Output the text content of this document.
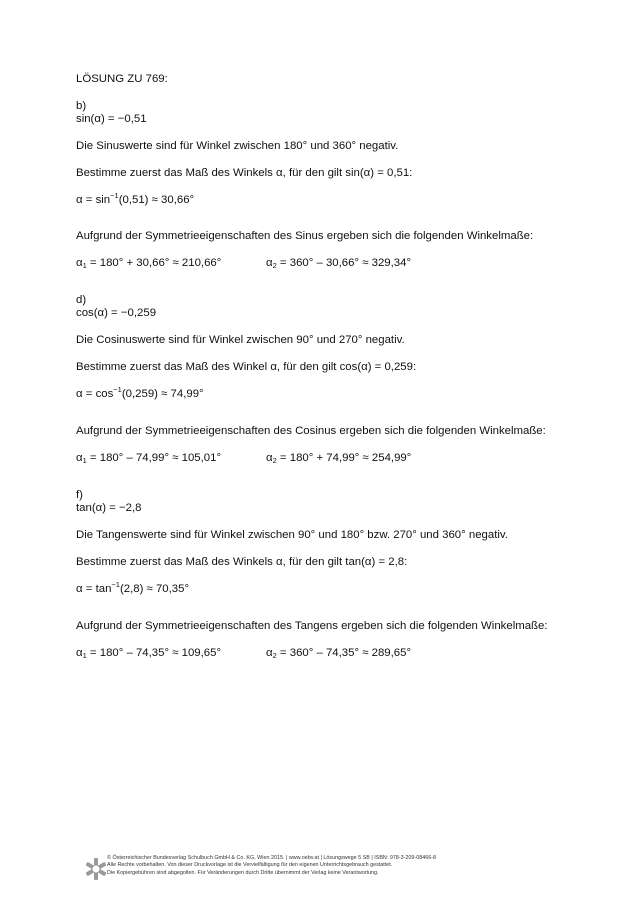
LÖSUNG ZU 769:
b)
sin(α) = −0,51
Die Sinuswerte sind für Winkel zwischen 180° und 360° negativ.
Bestimme zuerst das Maß des Winkels α, für den gilt sin(α) = 0,51:
$\alpha = \sin^{-1}(0,51) \approx 30,66^\circ$
Aufgrund der Symmetrieeigenschaften des Sinus ergeben sich die folgenden Winkelmaße:
$\alpha_1 = 180^\circ + 30,66^\circ \approx 210,66^\circ$	$\alpha_2 = 360^\circ - 30,66^\circ \approx 329,34^\circ$
d)
cos(α) = −0,259
Die Cosinuswerte sind für Winkel zwischen 90° und 270° negativ.
Bestimme zuerst das Maß des Winkel α, für den gilt cos(α) = 0,259:
$\alpha = \cos^{-1}(0,259) \approx 74,99^\circ$
Aufgrund der Symmetrieeigenschaften des Cosinus ergeben sich die folgenden Winkelmaße:
$\alpha_1 = 180^\circ - 74,99^\circ \approx 105,01^\circ$	$\alpha_2 = 180^\circ + 74,99^\circ \approx 254,99^\circ$
f)
tan(α) = −2,8
Die Tangenswerte sind für Winkel zwischen 90° und 180° bzw. 270° und 360° negativ.
Bestimme zuerst das Maß des Winkels α, für den gilt tan(α) = 2,8:
$\alpha = \tan^{-1}(2,8) \approx 70,35^\circ$
Aufgrund der Symmetrieeigenschaften des Tangens ergeben sich die folgenden Winkelmaße:
$\alpha_1 = 180^\circ - 74,35^\circ \approx 109,65^\circ$	$\alpha_2 = 360^\circ - 74,35^\circ \approx 289,65^\circ$
© Österreichischer Bundesverlag Schulbuch GmbH & Co. KG, Wien 2015. | www.oebv.at | Lösungswege 5 SB | ISBN: 978-3-209-08466-8
Alle Rechte vorbehalten. Von dieser Druckvorlage ist die Vervielfältigung für den eigenen Unterrichtsgebrauch gestattet.
Die Kopiergebühren sind abgegolten. Für Veränderungen durch Dritte übernimmt der Verlag keine Verantwortung.
